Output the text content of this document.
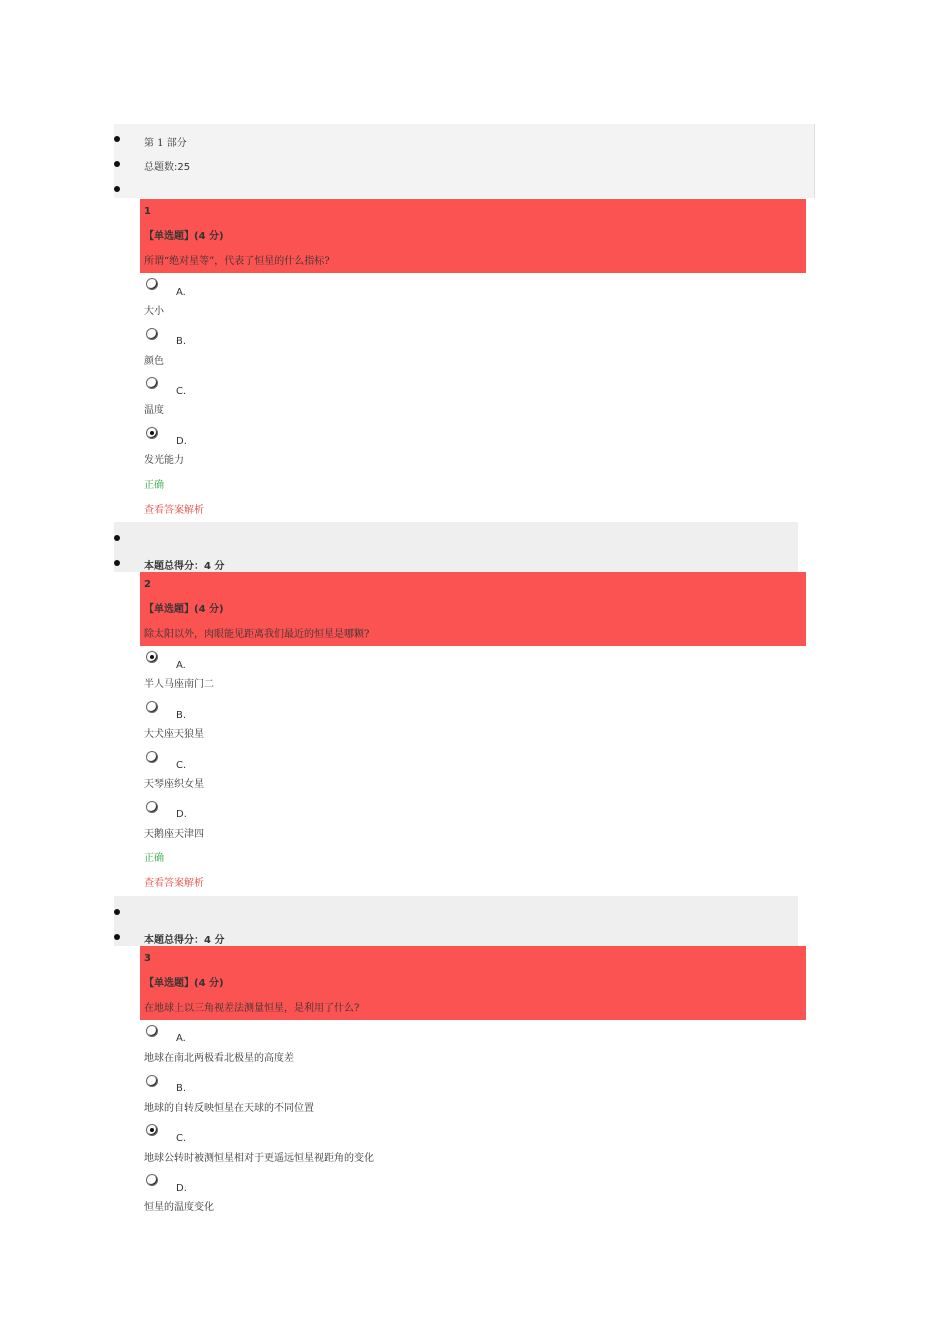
第 1 部分
总题数:25
1
【单选题】(4 分)
所谓“绝对星等”，代表了恒星的什么指标?
A.
大小
B.
颜色
C.
温度
D.
发光能力
正确
查看答案解析
本题总得分：4 分
2
【单选题】(4 分)
除太阳以外，肉眼能见距离我们最近的恒星是哪颗?
A.
半人马座南门二
B.
大犬座天狼星
C.
天琴座织女星
D.
天鹅座天津四
正确
查看答案解析
本题总得分：4 分
3
【单选题】(4 分)
在地球上以三角视差法测量恒星，是利用了什么?
A.
地球在南北两极看北极星的高度差
B.
地球的自转反映恒星在天球的不同位置
C.
地球公转时被测恒星相对于更遥远恒星视距角的变化
D.
恒星的温度变化
